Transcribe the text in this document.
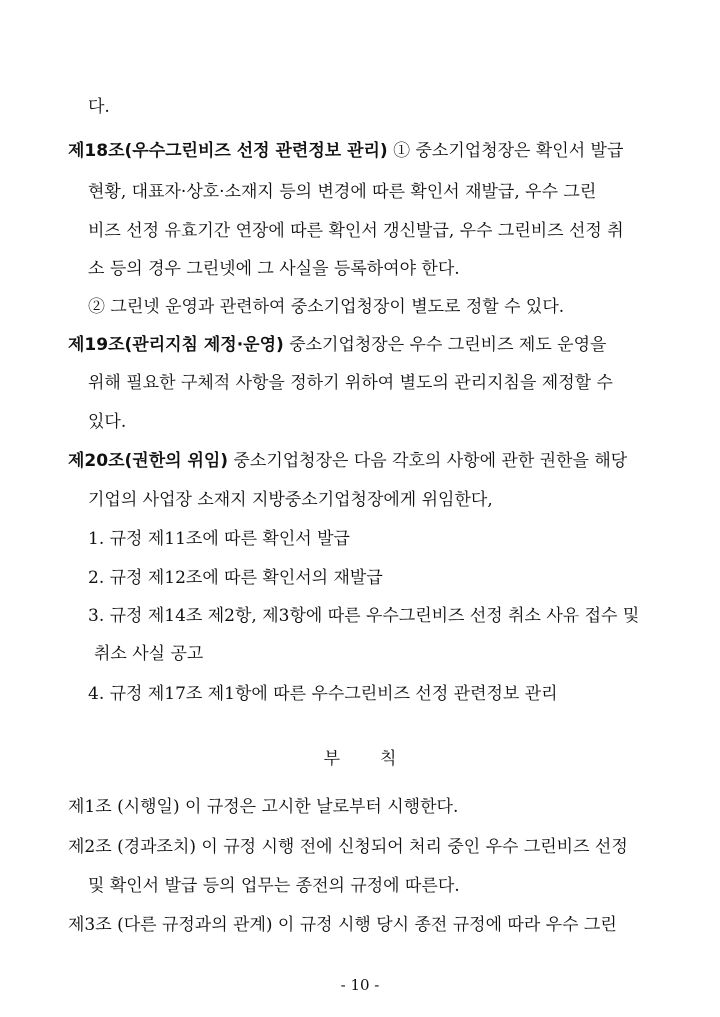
다.
제18조(우수그린비즈 선정 관련정보 관리) ① 중소기업청장은 확인서 발급
현황, 대표자·상호·소재지 등의 변경에 따른 확인서 재발급, 우수 그린
비즈 선정 유효기간 연장에 따른 확인서 갱신발급, 우수 그린비즈 선정 취
소 등의 경우 그린넷에 그 사실을 등록하여야 한다.
② 그린넷 운영과 관련하여 중소기업청장이 별도로 정할 수 있다.
제19조(관리지침 제정·운영) 중소기업청장은 우수 그린비즈 제도 운영을
위해 필요한 구체적 사항을 정하기 위하여 별도의 관리지침을 제정할 수
있다.
제20조(권한의 위임) 중소기업청장은 다음 각호의 사항에 관한 권한을 해당
기업의 사업장 소재지 지방중소기업청장에게 위임한다,
1. 규정 제11조에 따른 확인서 발급
2. 규정 제12조에 따른 확인서의 재발급
3. 규정 제14조 제2항, 제3항에 따른 우수그린비즈 선정 취소 사유 접수 및
취소 사실 공고
4. 규정 제17조 제1항에 따른 우수그린비즈 선정 관련정보 관리
부칙
제1조 (시행일) 이 규정은 고시한 날로부터 시행한다.
제2조 (경과조치) 이 규정 시행 전에 신청되어 처리 중인 우수 그린비즈 선정
및 확인서 발급 등의 업무는 종전의 규정에 따른다.
제3조 (다른 규정과의 관계) 이 규정 시행 당시 종전 규정에 따라 우수 그린
- 10 -
